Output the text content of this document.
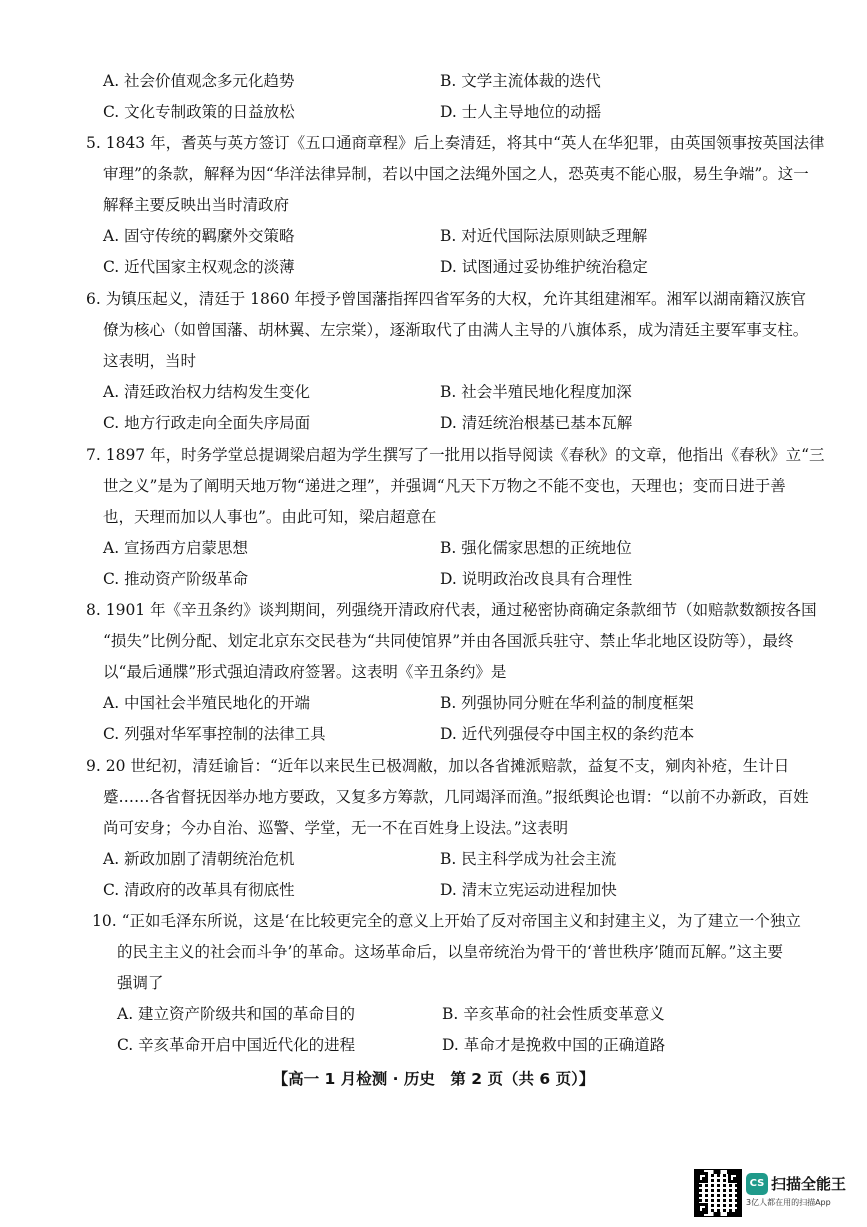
A. 社会价值观念多元化趋势	B. 文学主流体裁的迭代
C. 文化专制政策的日益放松	D. 士人主导地位的动摇
5. 1843 年，耆英与英方签订《五口通商章程》后上奏清廷，将其中“英人在华犯罪，由英国领事按英国法律
审理”的条款，解释为因“华洋法律异制，若以中国之法绳外国之人，恐英夷不能心服，易生争端”。这一
解释主要反映出当时清政府
A. 固守传统的羁縻外交策略	B. 对近代国际法原则缺乏理解
C. 近代国家主权观念的淡薄	D. 试图通过妥协维护统治稳定
6. 为镇压起义，清廷于 1860 年授予曾国藩指挥四省军务的大权，允许其组建湘军。湘军以湖南籍汉族官
僚为核心（如曾国藩、胡林翼、左宗棠），逐渐取代了由满人主导的八旗体系，成为清廷主要军事支柱。
这表明，当时
A. 清廷政治权力结构发生变化	B. 社会半殖民地化程度加深
C. 地方行政走向全面失序局面	D. 清廷统治根基已基本瓦解
7. 1897 年，时务学堂总提调梁启超为学生撰写了一批用以指导阅读《春秋》的文章，他指出《春秋》立“三
世之义”是为了阐明天地万物“递进之理”，并强调“凡天下万物之不能不变也，天理也；变而日进于善
也，天理而加以人事也”。由此可知，梁启超意在
A. 宣扬西方启蒙思想	B. 强化儒家思想的正统地位
C. 推动资产阶级革命	D. 说明政治改良具有合理性
8. 1901 年《辛丑条约》谈判期间，列强绕开清政府代表，通过秘密协商确定条款细节（如赔款数额按各国
“损失”比例分配、划定北京东交民巷为“共同使馆界”并由各国派兵驻守、禁止华北地区设防等），最终
以“最后通牒”形式强迫清政府签署。这表明《辛丑条约》是
A. 中国社会半殖民地化的开端	B. 列强协同分赃在华利益的制度框架
C. 列强对华军事控制的法律工具	D. 近代列强侵夺中国主权的条约范本
9. 20 世纪初，清廷谕旨：“近年以来民生已极凋敝，加以各省摊派赔款，益复不支，剜肉补疮，生计日
蹙……各省督抚因举办地方要政，又复多方筹款，几同竭泽而渔。”报纸舆论也谓：“以前不办新政，百姓
尚可安身；今办自治、巡警、学堂，无一不在百姓身上设法。”这表明
A. 新政加剧了清朝统治危机	B. 民主科学成为社会主流
C. 清政府的改革具有彻底性	D. 清末立宪运动进程加快
10. “正如毛泽东所说，这是‘在比较更完全的意义上开始了反对帝国主义和封建主义，为了建立一个独立
的民主主义的社会而斗争’的革命。这场革命后，以皇帝统治为骨干的‘普世秩序’随而瓦解。”这主要
强调了
A. 建立资产阶级共和国的革命目的	B. 辛亥革命的社会性质变革意义
C. 辛亥革命开启中国近代化的进程	D. 革命才是挽救中国的正确道路
【高一 1 月检测 · 历史　第 2 页（共 6 页）】
CS 扫描全能王
3亿人都在用的扫描App
